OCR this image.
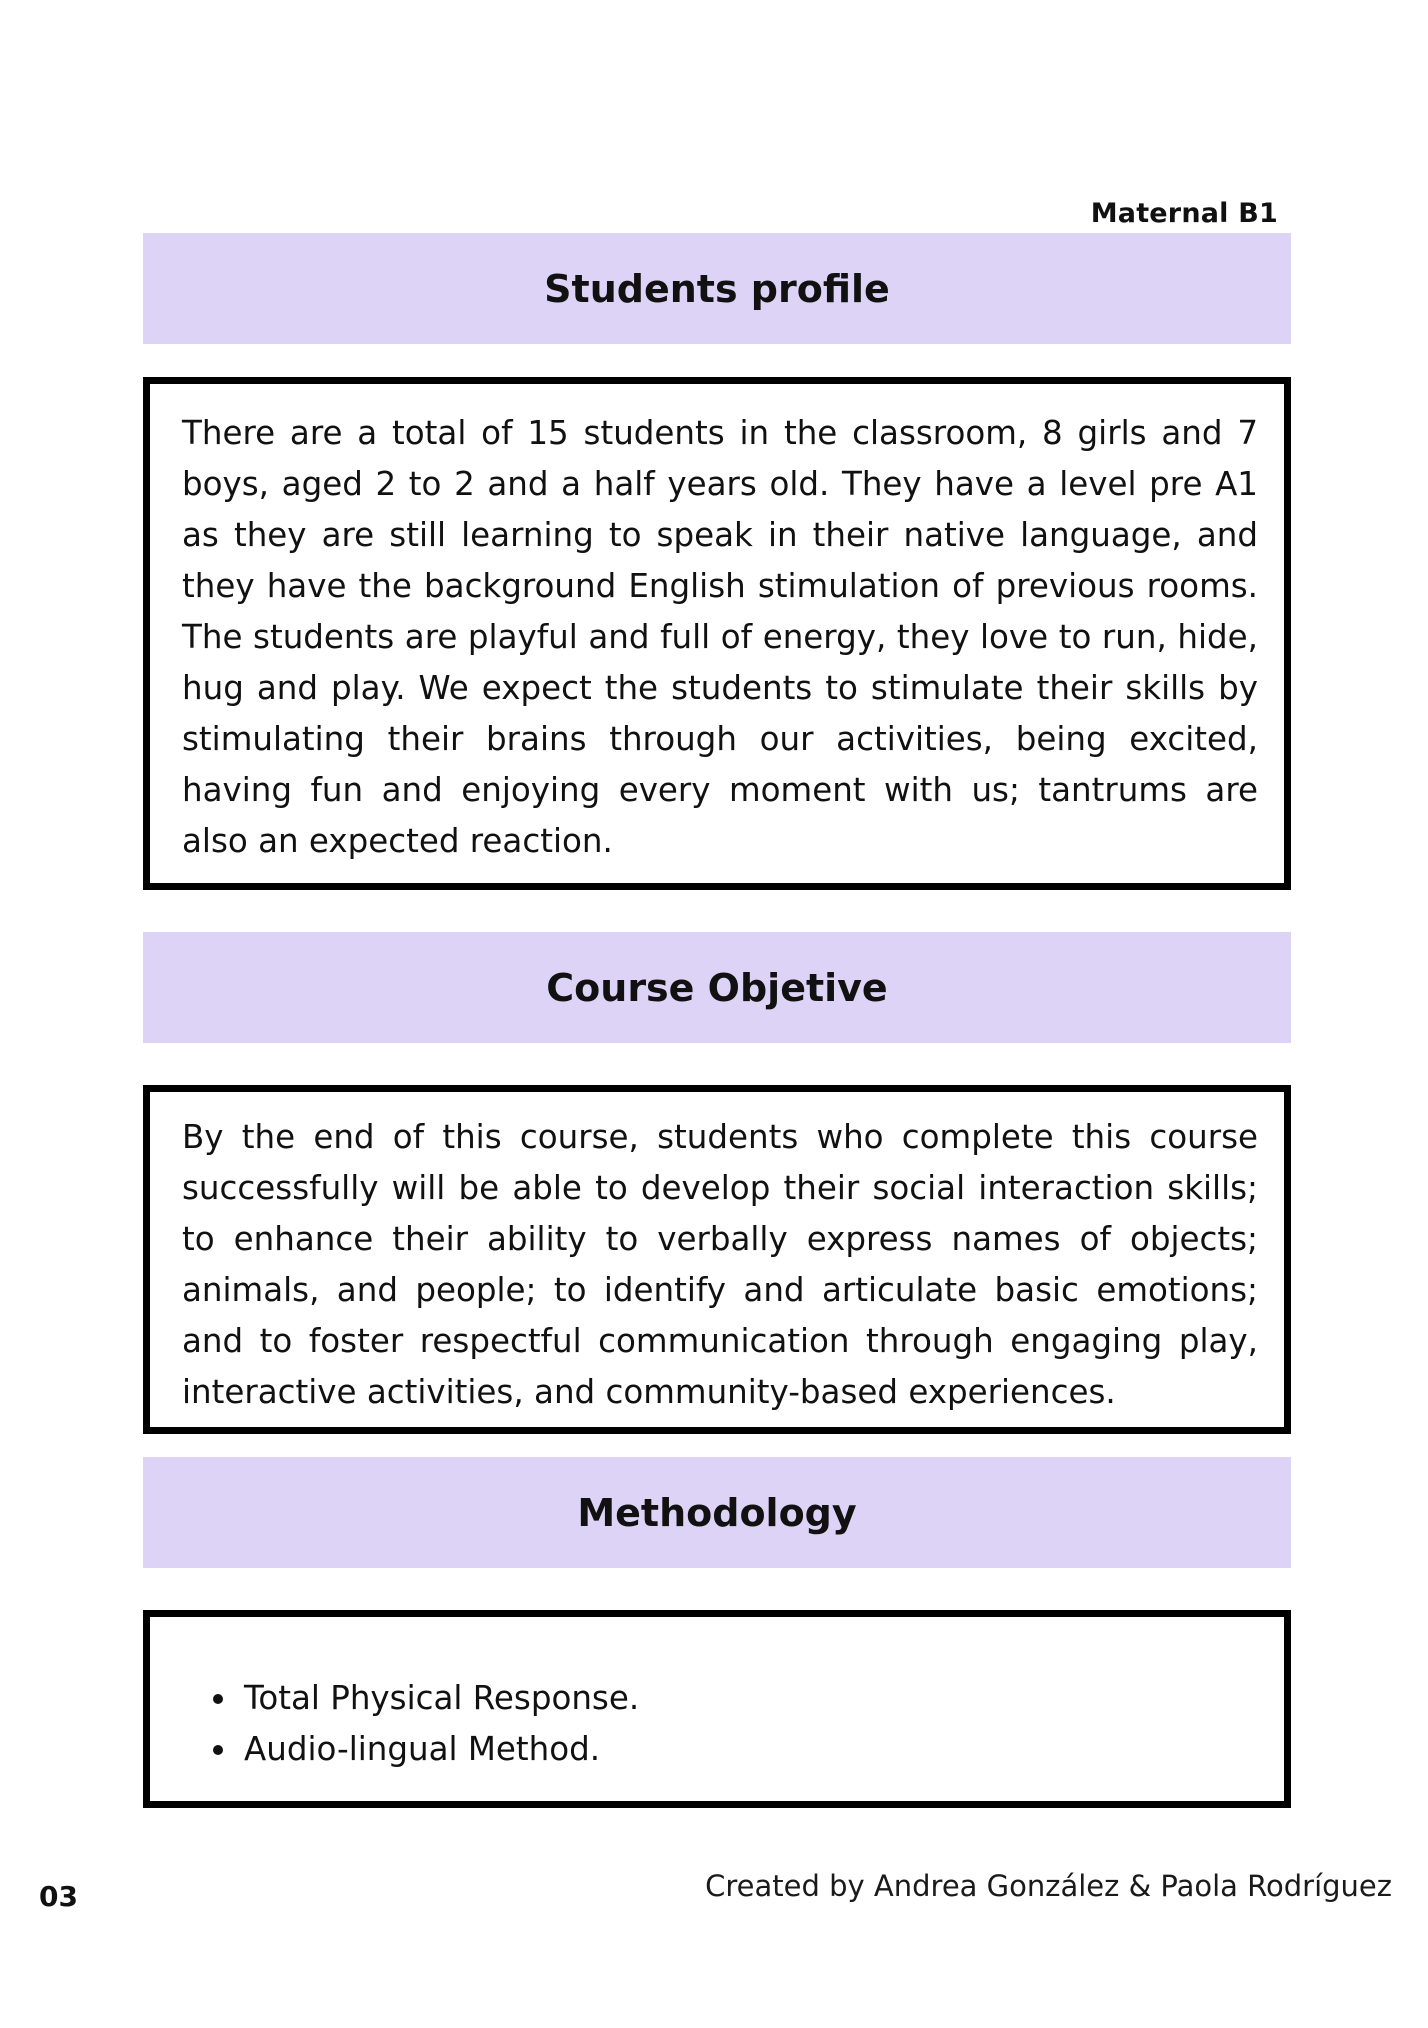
Maternal B1
Students profile

There are a total of 15 students in the classroom, 8 girls and 7 boys, aged 2 to 2 and a half years old. They have a level pre A1 as they are still learning to speak in their native language, and they have the background English stimulation of previous rooms. The students are playful and full of energy, they love to run, hide, hug and play. We expect the students to stimulate their skills by stimulating their brains through our activities, being excited, having fun and enjoying every moment with us; tantrums are also an expected reaction.

Course Objetive

By the end of this course, students who complete this course successfully will be able to develop their social interaction skills; to enhance their ability to verbally express names of objects; animals, and people; to identify and articulate basic emotions; and to foster respectful communication through engaging play, interactive activities, and community-based experiences.

Methodology
• Total Physical Response.
• Audio-lingual Method.
03	Created by Andrea González & Paola Rodríguez
